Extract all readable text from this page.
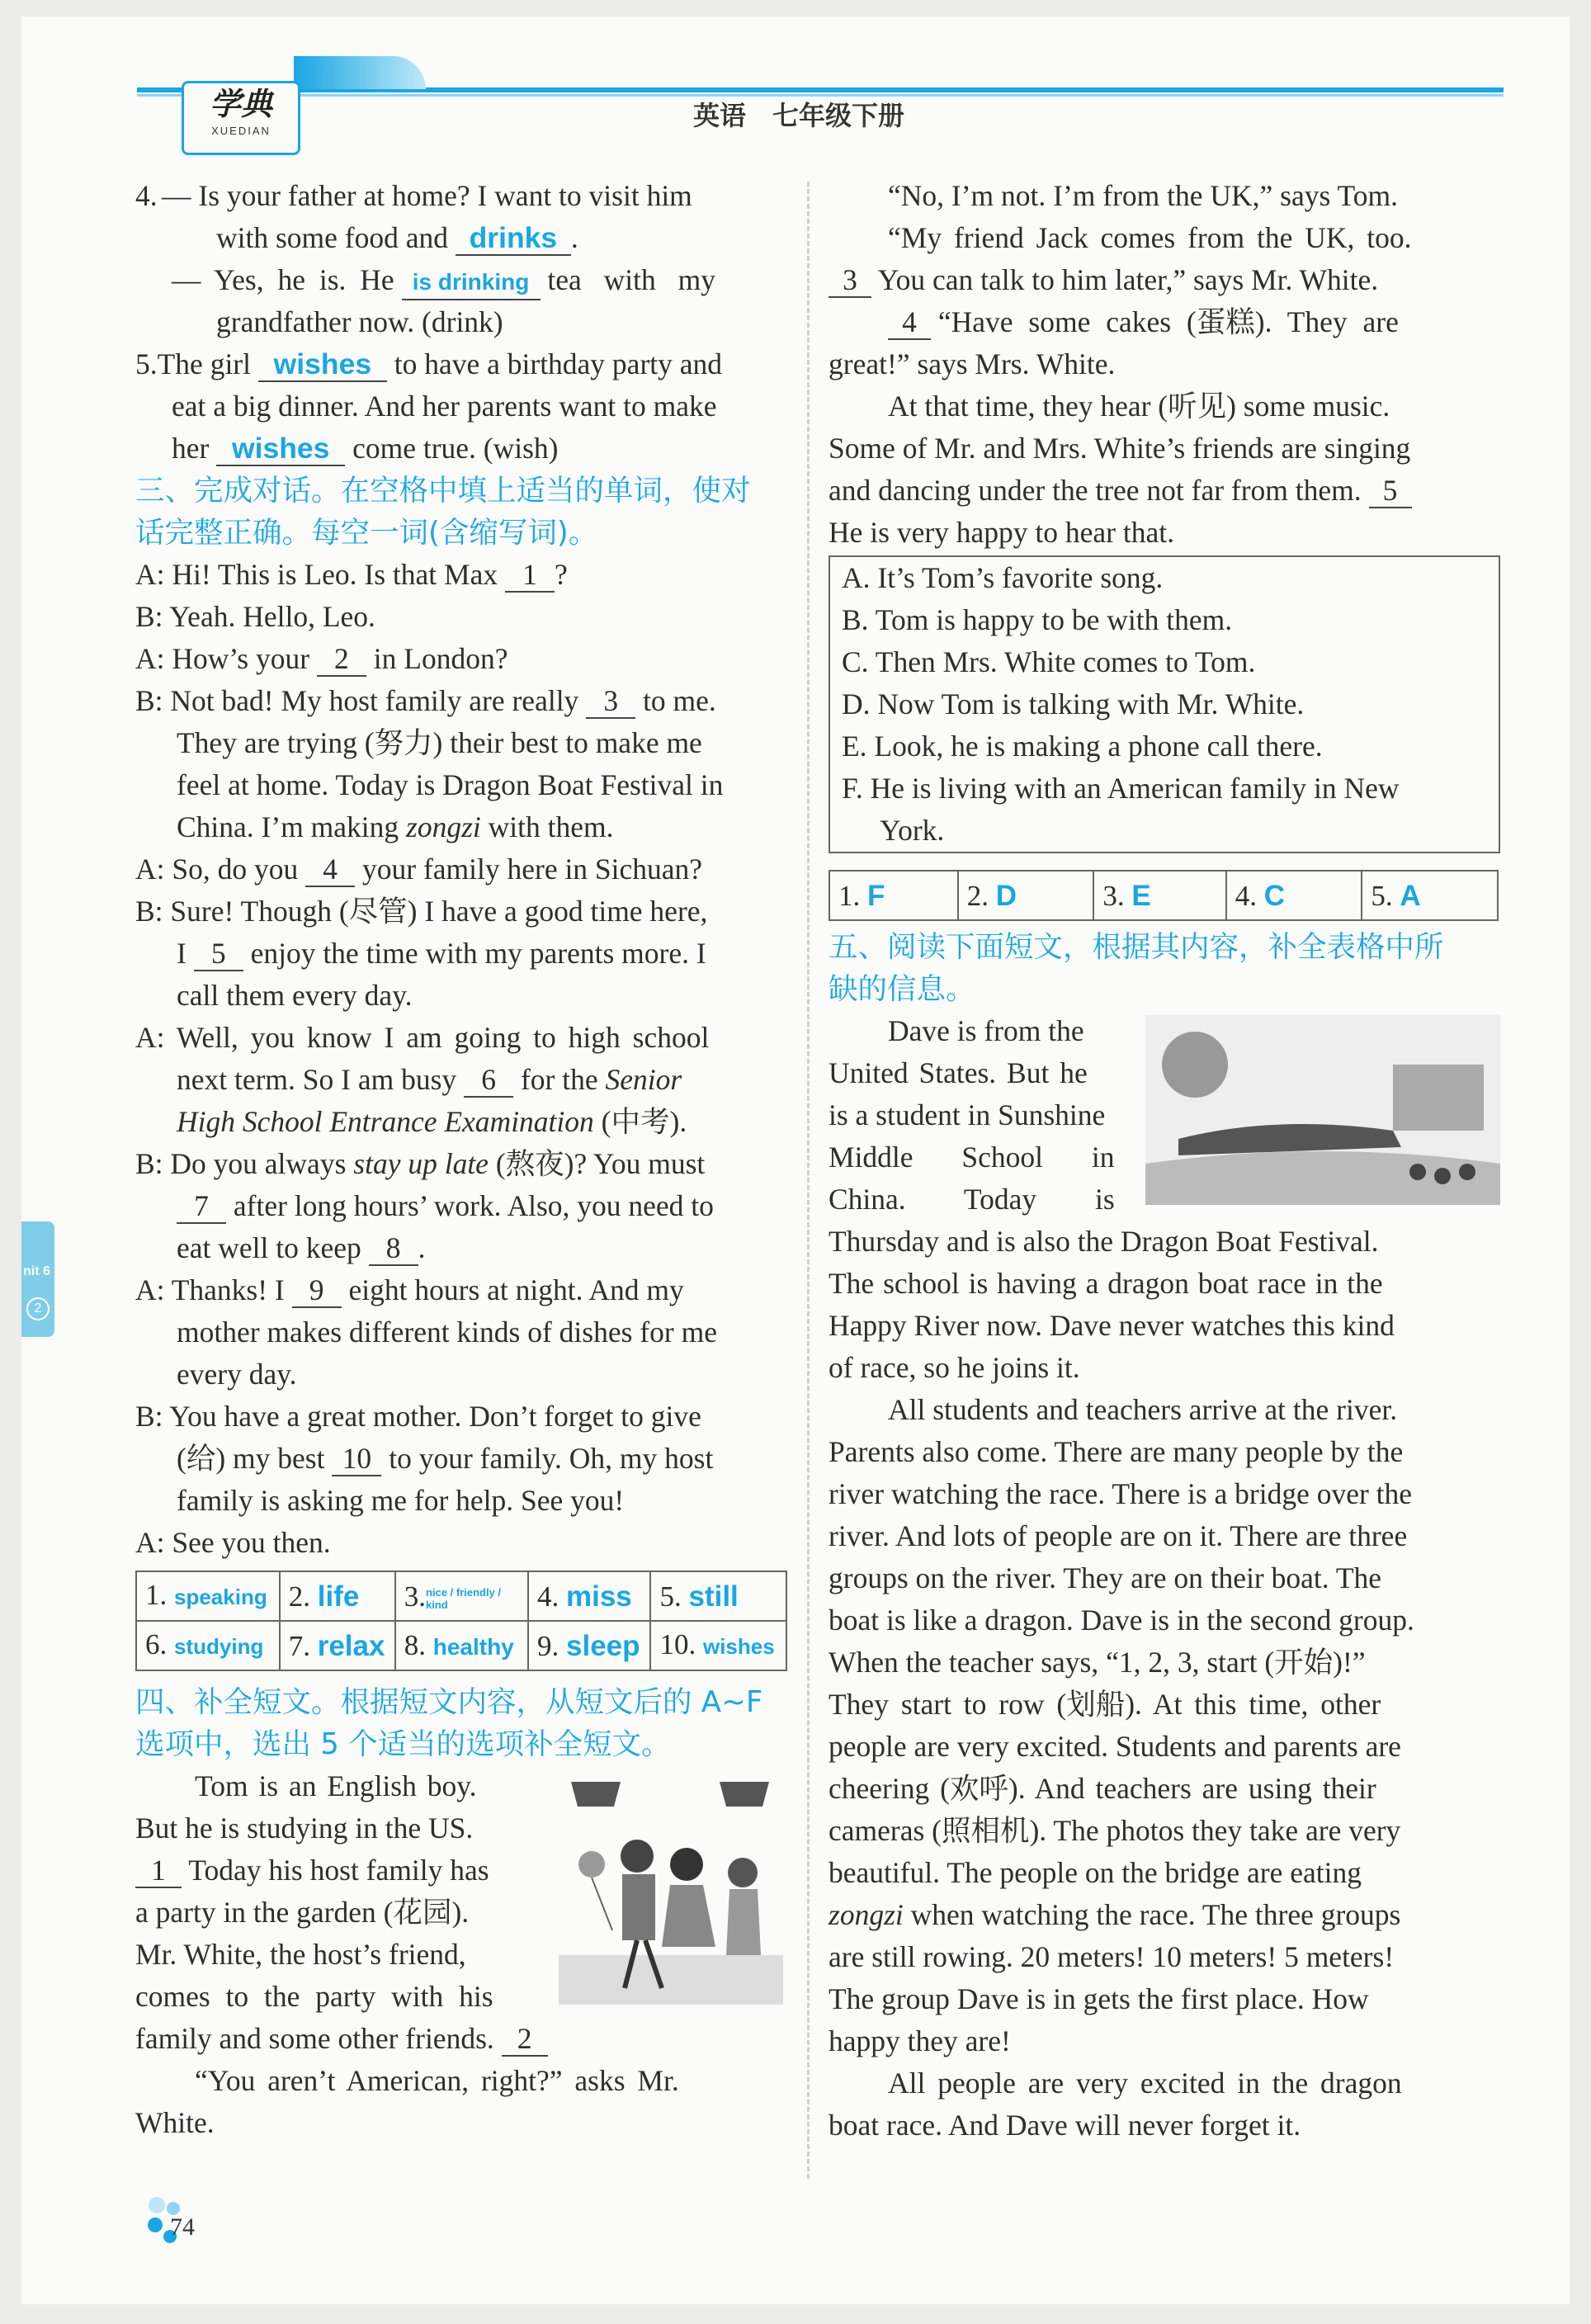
学典
XUEDIAN	英语　七年级下册
nit 6
2
4. — Is your father at home? I want to visit him
with some food and drinks .
— Yes, he is. He is drinking tea with my
grandfather now. (drink)
5.The girl wishes to have a birthday party and
eat a big dinner. And her parents want to make
her wishes come true. (wish)
三、完成对话。在空格中填上适当的单词，使对
话完整正确。每空一词(含缩写词)。
A: Hi! This is Leo. Is that Max 1 ?
B: Yeah. Hello, Leo.
A: How’s your 2 in London?
B: Not bad! My host family are really 3 to me.
They are trying (努力) their best to make me
feel at home. Today is Dragon Boat Festival in
China. I’m making zongzi with them.
A: So, do you 4 your family here in Sichuan?
B: Sure! Though (尽管) I have a good time here,
I 5 enjoy the time with my parents more. I
call them every day.
A: Well, you know I am going to high school
next term. So I am busy 6 for the Senior
High School Entrance Examination (中考).
B: Do you always stay up late (熬夜)? You must
7 after long hours’ work. Also, you need to
eat well to keep 8 .
A: Thanks! I 9 eight hours at night. And my
mother makes different kinds of dishes for me
every day.
B: You have a great mother. Don’t forget to give
(给) my best 10 to your family. Oh, my host
family is asking me for help. See you!
A: See you then.
1. speaking	2. life	3.nice / friendly / kind	4. miss	5. still
6. studying	7. relax	8. healthy	9. sleep	10. wishes
四、补全短文。根据短文内容，从短文后的 A~F
选项中，选出 5 个适当的选项补全短文。
Tom is an English boy.
But he is studying in the US.
1 Today his host family has
a party in the garden (花园).
Mr. White, the host’s friend,
comes to the party with his
family and some other friends. 2
“You aren’t American, right?” asks Mr.
White.
“No, I’m not. I’m from the UK,” says Tom.
“My friend Jack comes from the UK, too.
3 You can talk to him later,” says Mr. White.
4 “Have some cakes (蛋糕). They are
great!” says Mrs. White.
At that time, they hear (听见) some music.
Some of Mr. and Mrs. White’s friends are singing
and dancing under the tree not far from them. 5
He is very happy to hear that.
A. It’s Tom’s favorite song.
B. Tom is happy to be with them.
C. Then Mrs. White comes to Tom.
D. Now Tom is talking with Mr. White.
E. Look, he is making a phone call there.
F. He is living with an American family in New
York.
1. F	2. D	3. E	4. C	5. A
五、阅读下面短文，根据其内容，补全表格中所
缺的信息。
Dave is from the
United States. But he
is a student in Sunshine
Middle School in
China. Today is
Thursday and is also the Dragon Boat Festival.
The school is having a dragon boat race in the
Happy River now. Dave never watches this kind
of race, so he joins it.
All students and teachers arrive at the river.
Parents also come. There are many people by the
river watching the race. There is a bridge over the
river. And lots of people are on it. There are three
groups on the river. They are on their boat. The
boat is like a dragon. Dave is in the second group.
When the teacher says, “1, 2, 3, start (开始)!”
They start to row (划船). At this time, other
people are very excited. Students and parents are
cheering (欢呼). And teachers are using their
cameras (照相机). The photos they take are very
beautiful. The people on the bridge are eating
zongzi when watching the race. The three groups
are still rowing. 20 meters! 10 meters! 5 meters!
The group Dave is in gets the first place. How
happy they are!
All people are very excited in the dragon
boat race. And Dave will never forget it.
74
